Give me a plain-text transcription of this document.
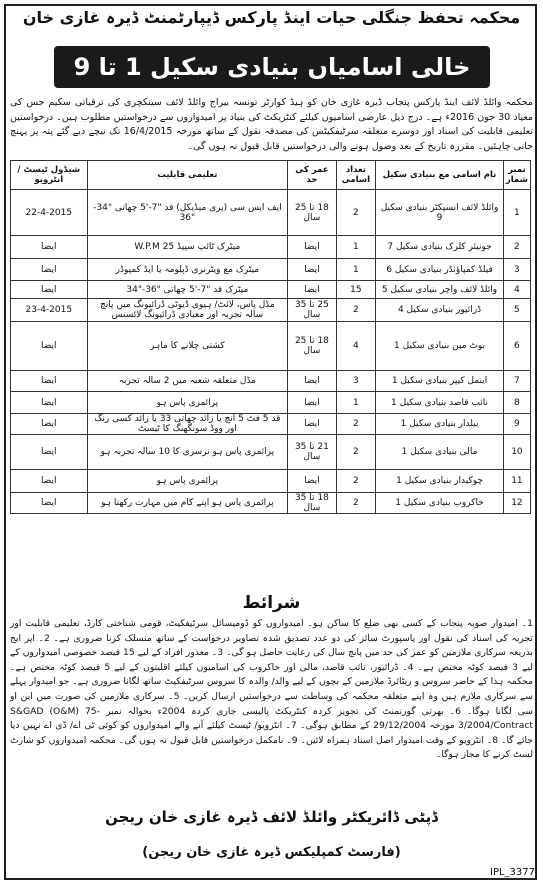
محکمہ تحفظ جنگلی حیات اینڈ پارکس ڈیپارٹمنٹ ڈیرہ غازی خان
خالی اسامیاں بنیادی سکیل 1 تا 9
محکمہ وائلڈ لائف اینڈ پارکس پنجاب ڈیرہ غازی خان کو ہیڈ کوارٹر تونسہ بیراج وائلڈ لائف سینکچری کی ترقیاتی سکیم جس کی معیاد 30 جون 2016ء ہے۔ درج ذیل عارضی اسامیوں کیلئے کنٹریکٹ کی بنیاد پر امیدواروں سے درخواستیں مطلوب ہیں۔ درخواستیں تعلیمی قابلیت کی اسناد اور دوسرے متعلقہ سرٹیفکیٹس کی مصدقہ نقول کے ساتھ مورخہ 16/4/2015 تک نیچے دیے گئے پتہ پر پہنچ جانی چاہئیں۔ مقررہ تاریخ کے بعد وصول ہونے والی درخواستیں قابل قبول نہ ہوں گی۔
نمبر شمار	نام اسامی مع بنیادی سکیل	تعداد اسامی	عمر کی حد	تعلیمی قابلیت	شیڈول ٹیسٹ / انٹرویو
1	وائلڈ لائف انسپکٹر بنیادی سکیل 9	2	18 تا 25 سال	ایف ایس سی (پری میڈیکل) قد "7-'5 چھاتی "34-"36	22-4-2015
2	جونیئر کلرک بنیادی سکیل 7	1	ایضا	میٹرک ٹائپ سپیڈ 25 W.P.M	ایضا
3	فیلڈ کمپاؤنڈر بنیادی سکیل 6	1	ایضا	میٹرک مع ویٹرنری ڈپلومہ یا ایڈ کمپوڈر	ایضا
4	وائلڈ لائف واچر بنیادی سکیل 5	15	ایضا	میٹرک قد "7-'5 چھاتی "36-"34	ایضا
5	ڈرائیور بنیادی سکیل 4	2	25 تا 35 سال	مڈل پاس، لائٹ/ ہیوی ڈیوٹی ڈرائیونگ میں پانچ سالہ تجربہ اور معیادی ڈرائیونگ لائسنس	23-4-2015
6	بوٹ مین بنیادی سکیل 1	4	18 تا 25 سال	کشتی چلانے کا ماہر	ایضا
7	اینمل کیپر بنیادی سکیل 1	3	ایضا	مڈل متعلقہ شعبہ میں 2 سالہ تجربہ	ایضا
8	نائب قاصد بنیادی سکیل 1	1	ایضا	پرائمری پاس ہو	ایضا
9	بیلدار بنیادی سکیل 1	2	ایضا	قد 5 فٹ 5 انچ یا زائد چھاتی 33 یا زائد کسی رنگ اور ووڈ سونگھنگ کا ٹیسٹ	ایضا
10	مالی بنیادی سکیل 1	2	21 تا 35 سال	پرائمری پاس ہو نرسری کا 10 سالہ تجربہ ہو	ایضا
11	چوکیدار بنیادی سکیل 1	2	ایضا	پرائمری پاس ہو	ایضا
12	خاکروب بنیادی سکیل 1	2	18 تا 35 سال	پرائمری پاس ہو اپنے کام میں مہارت رکھتا ہو	ایضا
شرائط
1۔ امیدوار صوبہ پنجاب کے کسی بھی ضلع کا ساکن ہو۔ امیدواروں کو ڈومیسائل سرٹیفکیٹ، قومی شناختی کارڈ، تعلیمی قابلیت اور تجربہ کی اسناد کی نقول اور پاسپورٹ سائز کی دو عدد تصدیق شدہ تصاویر درخواست کے ساتھ منسلک کرنا ضروری ہے۔ 2۔ اپر ایج بذریعہ سرکاری ملازمین کو عمر کی حد میں پانچ سال کی رعایت حاصل ہو گی۔ 3۔ معذور افراد کے لیے 15 فیصد خصوصی امیدواروں کے لیے 3 فیصد کوٹہ مختص ہے۔ 4۔ ڈرائیور، نائب قاصد، مالی اور خاکروب کی اسامیوں کیلئے اقلیتوں کے لیے 5 فیصد کوٹہ مختص ہے۔ محکمہ ہذا کے حاضر سروس و ریٹائرڈ ملازمین کے بچوں کے لیے والد/ والدہ کا سروس سرٹیفکیٹ ساتھ لگانا ضروری ہے۔ جو امیدوار پہلے سے سرکاری ملازم ہیں وہ اپنے متعلقہ محکمہ کی وساطت سے درخواستیں ارسال کریں۔ 5۔ سرکاری ملازمین کی صورت میں این او سی لگانا ہوگا۔ 6۔ بھرتی گورنمنٹ کی تجویز کردہ کنٹریکٹ پالیسی جاری کردہ 2004ء بحوالہ نمبر S&GAD (O&M) 75-3/2004/Contract مورخہ 29/12/2004 کے مطابق ہوگی۔ 7۔ انٹرویو/ ٹیسٹ کیلئے آنے والے امیدواروں کو کوئی ٹی اے/ ڈی اے نہیں دیا جائے گا۔ 8۔ انٹرویو کے وقت امیدوار اصل اسناد ہمراہ لائیں۔ 9۔ نامکمل درخواستیں قابل قبول نہ ہوں گی۔ محکمہ امیدواروں کو شارٹ لسٹ کرنے کا مجاز ہوگا۔
ڈپٹی ڈائریکٹر وائلڈ لائف ڈیرہ غازی خان ریجن
(فارسٹ کمپلیکس ڈیرہ غازی خان ریجن)
IPL_3377
